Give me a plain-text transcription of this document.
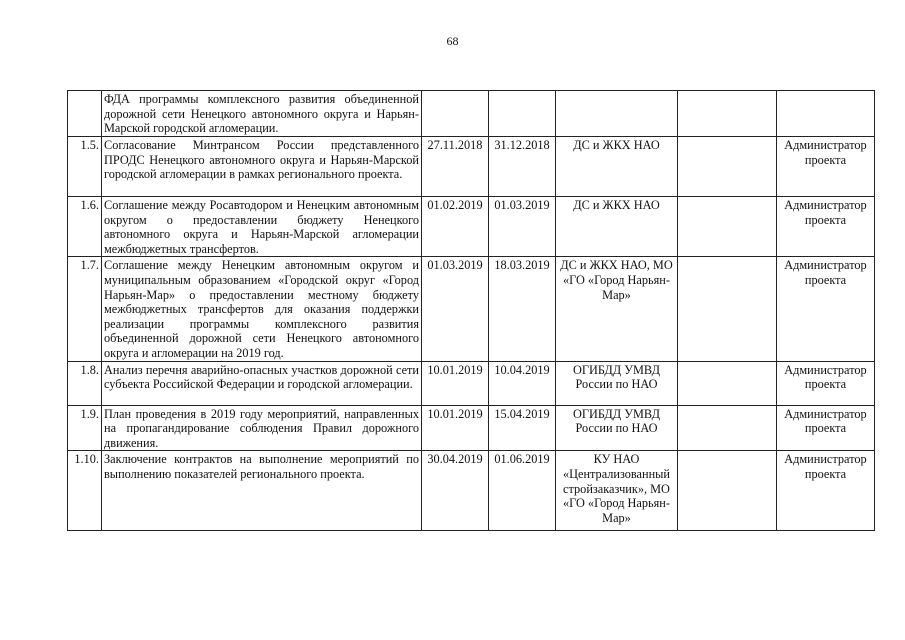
68
	ФДА программы комплексного развития объединенной дорожной сети Ненецкого автономного округа и Нарьян-Марской городской агломерации.					
1.5.	Согласование Минтрансом России представленного ПРОДС Ненецкого автономного округа и Нарьян-Марской городской агломерации в рамках регионального проекта.	27.11.2018	31.12.2018	ДС и ЖКХ НАО		Администратор проекта
1.6.	Соглашение между Росавтодором и Ненецким автономным округом о предоставлении бюджету Ненецкого автономного округа и Нарьян-Марской агломерации межбюджетных трансфертов.	01.02.2019	01.03.2019	ДС и ЖКХ НАО		Администратор проекта
1.7.	Соглашение между Ненецким автономным округом и муниципальным образованием «Городской округ «Город Нарьян-Мар» о предоставлении местному бюджету межбюджетных трансфертов для оказания поддержки реализации программы комплексного развития объединенной дорожной сети Ненецкого автономного округа и агломерации на 2019 год.	01.03.2019	18.03.2019	ДС и ЖКХ НАО, МО «ГО «Город Нарьян-Мар»		Администратор проекта
1.8.	Анализ перечня аварийно-опасных участков дорожной сети субъекта Российской Федерации и городской агломерации.	10.01.2019	10.04.2019	ОГИБДД УМВД России по НАО		Администратор проекта
1.9.	План проведения в 2019 году мероприятий, направленных на пропагандирование соблюдения Правил дорожного движения.	10.01.2019	15.04.2019	ОГИБДД УМВД России по НАО		Администратор проекта
1.10.	Заключение контрактов на выполнение мероприятий по выполнению показателей регионального проекта.	30.04.2019	01.06.2019	КУ НАО «Централизованный стройзаказчик», МО «ГО «Город Нарьян-Мар»		Администратор проекта
